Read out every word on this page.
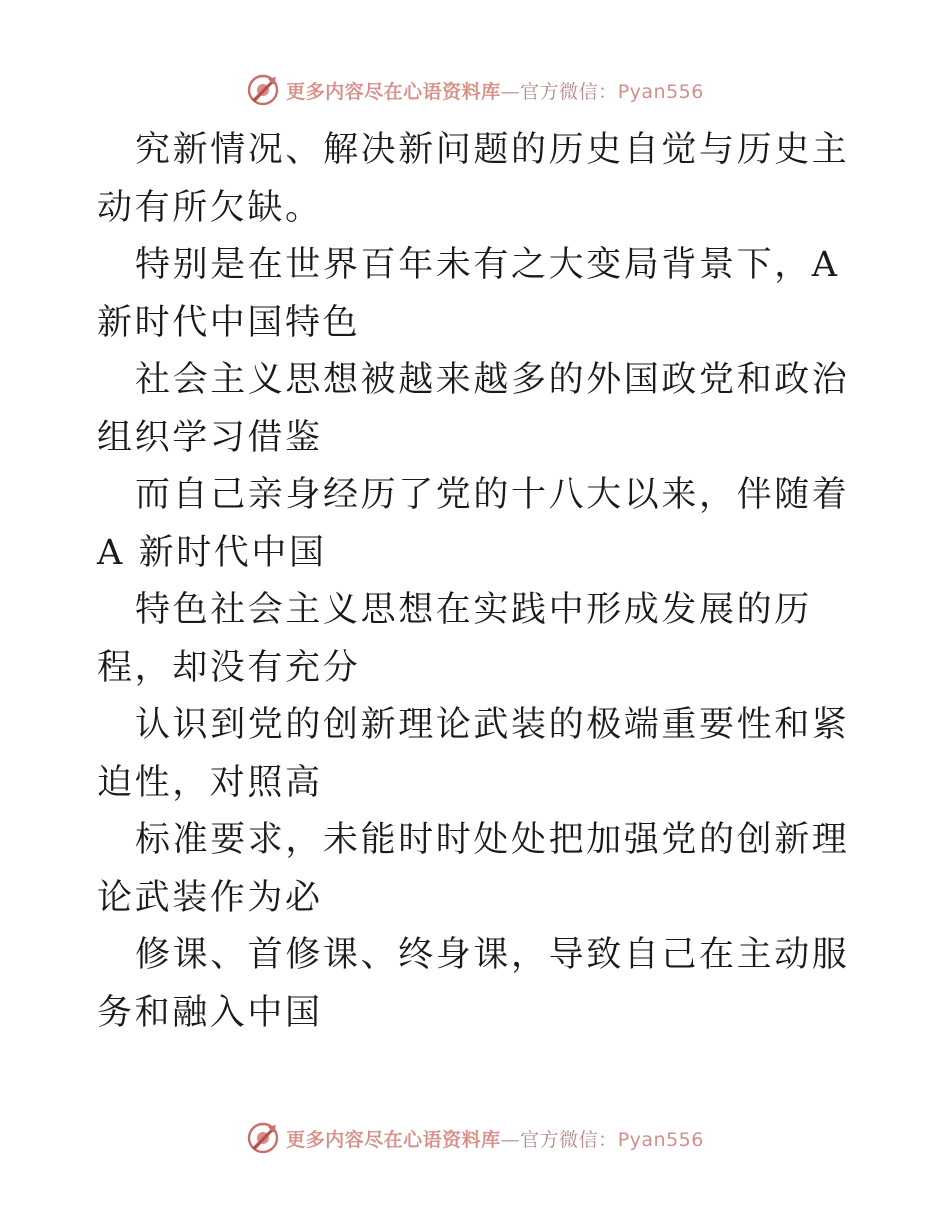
更多内容尽在心语资料库—官方微信：Pyan556

究新情况、解决新问题的历史自觉与历史主动有所欠缺。

特别是在世界百年未有之大变局背景下，A新时代中国特色

社会主义思想被越来越多的外国政党和政治组织学习借鉴

而自己亲身经历了党的十八大以来，伴随着 A 新时代中国

特色社会主义思想在实践中形成发展的历程，却没有充分

认识到党的创新理论武装的极端重要性和紧迫性，对照高

标准要求，未能时时处处把加强党的创新理论武装作为必

修课、首修课、终身课，导致自己在主动服务和融入中国

更多内容尽在心语资料库—官方微信：Pyan556
